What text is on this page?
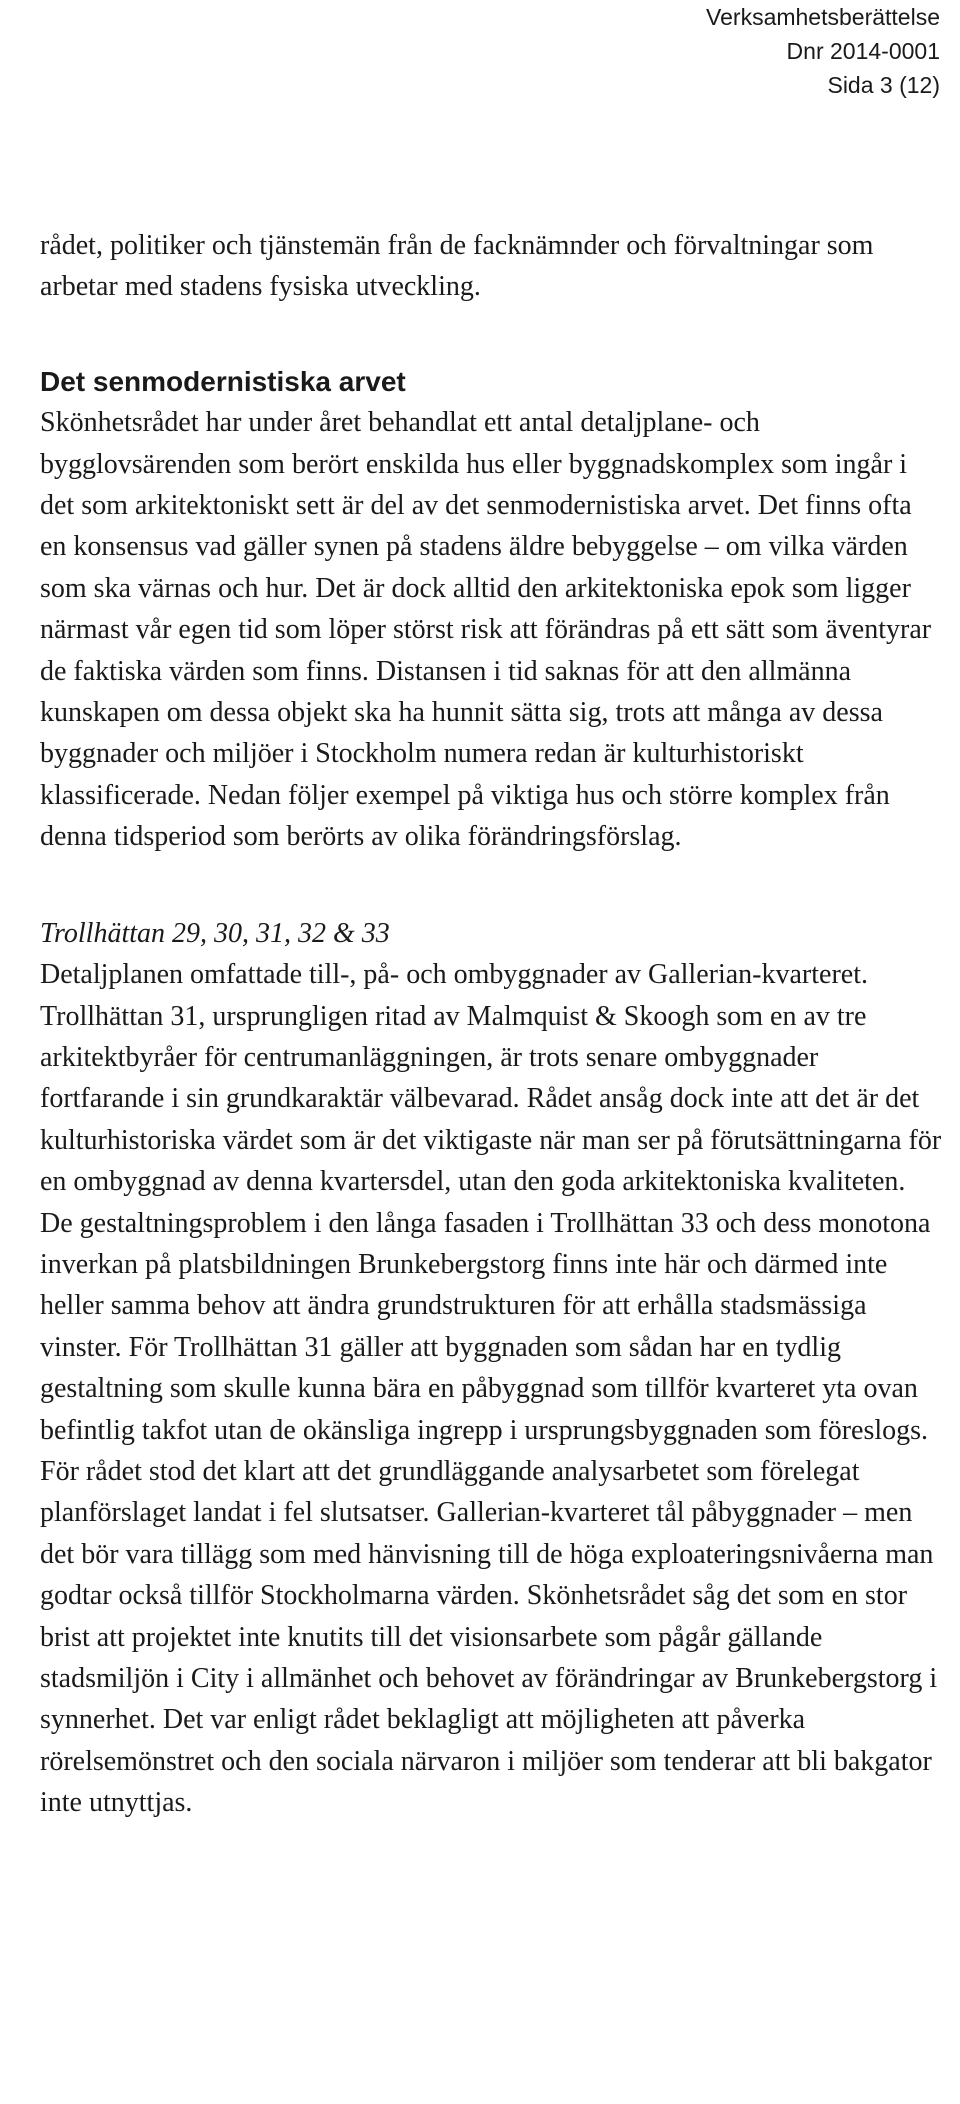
Verksamhetsberättelse
Dnr 2014-0001
Sida 3 (12)

rådet, politiker och tjänstemän från de facknämnder och förvaltningar som arbetar med stadens fysiska utveckling.

Det senmodernistiska arvet

Skönhetsrådet har under året behandlat ett antal detaljplane- och bygglovsärenden som berört enskilda hus eller byggnadskomplex som ingår i det som arkitektoniskt sett är del av det senmodernistiska arvet. Det finns ofta en konsensus vad gäller synen på stadens äldre bebyggelse – om vilka värden som ska värnas och hur. Det är dock alltid den arkitektoniska epok som ligger närmast vår egen tid som löper störst risk att förändras på ett sätt som äventyrar de faktiska värden som finns. Distansen i tid saknas för att den allmänna kunskapen om dessa objekt ska ha hunnit sätta sig, trots att många av dessa byggnader och miljöer i Stockholm numera redan är kulturhistoriskt klassificerade. Nedan följer exempel på viktiga hus och större komplex från denna tidsperiod som berörts av olika förändringsförslag.

Trollhättan 29, 30, 31, 32 & 33

Detaljplanen omfattade till-, på- och ombyggnader av Gallerian-kvarteret. Trollhättan 31, ursprungligen ritad av Malmquist & Skoogh som en av tre arkitektbyråer för centrumanläggningen, är trots senare ombyggnader fortfarande i sin grundkaraktär välbevarad. Rådet ansåg dock inte att det är det kulturhistoriska värdet som är det viktigaste när man ser på förutsättningarna för en ombyggnad av denna kvartersdel, utan den goda arkitektoniska kvaliteten. De gestaltningsproblem i den långa fasaden i Trollhättan 33 och dess monotona inverkan på platsbildningen Brunkebergstorg finns inte här och därmed inte heller samma behov att ändra grundstrukturen för att erhålla stadsmässiga vinster. För Trollhättan 31 gäller att byggnaden som sådan har en tydlig gestaltning som skulle kunna bära en påbyggnad som tillför kvarteret yta ovan befintlig takfot utan de okänsliga ingrepp i ursprungsbyggnaden som föreslogs. För rådet stod det klart att det grundläggande analysarbetet som förelegat planförslaget landat i fel slutsatser. Gallerian-kvarteret tål påbyggnader – men det bör vara tillägg som med hänvisning till de höga exploateringsnivåerna man godtar också tillför Stockholmarna värden. Skönhetsrådet såg det som en stor brist att projektet inte knutits till det visionsarbete som pågår gällande stadsmiljön i City i allmänhet och behovet av förändringar av Brunkebergstorg i synnerhet. Det var enligt rådet beklagligt att möjligheten att påverka rörelsemönstret och den sociala närvaron i miljöer som tenderar att bli bakgator inte utnyttjas.
